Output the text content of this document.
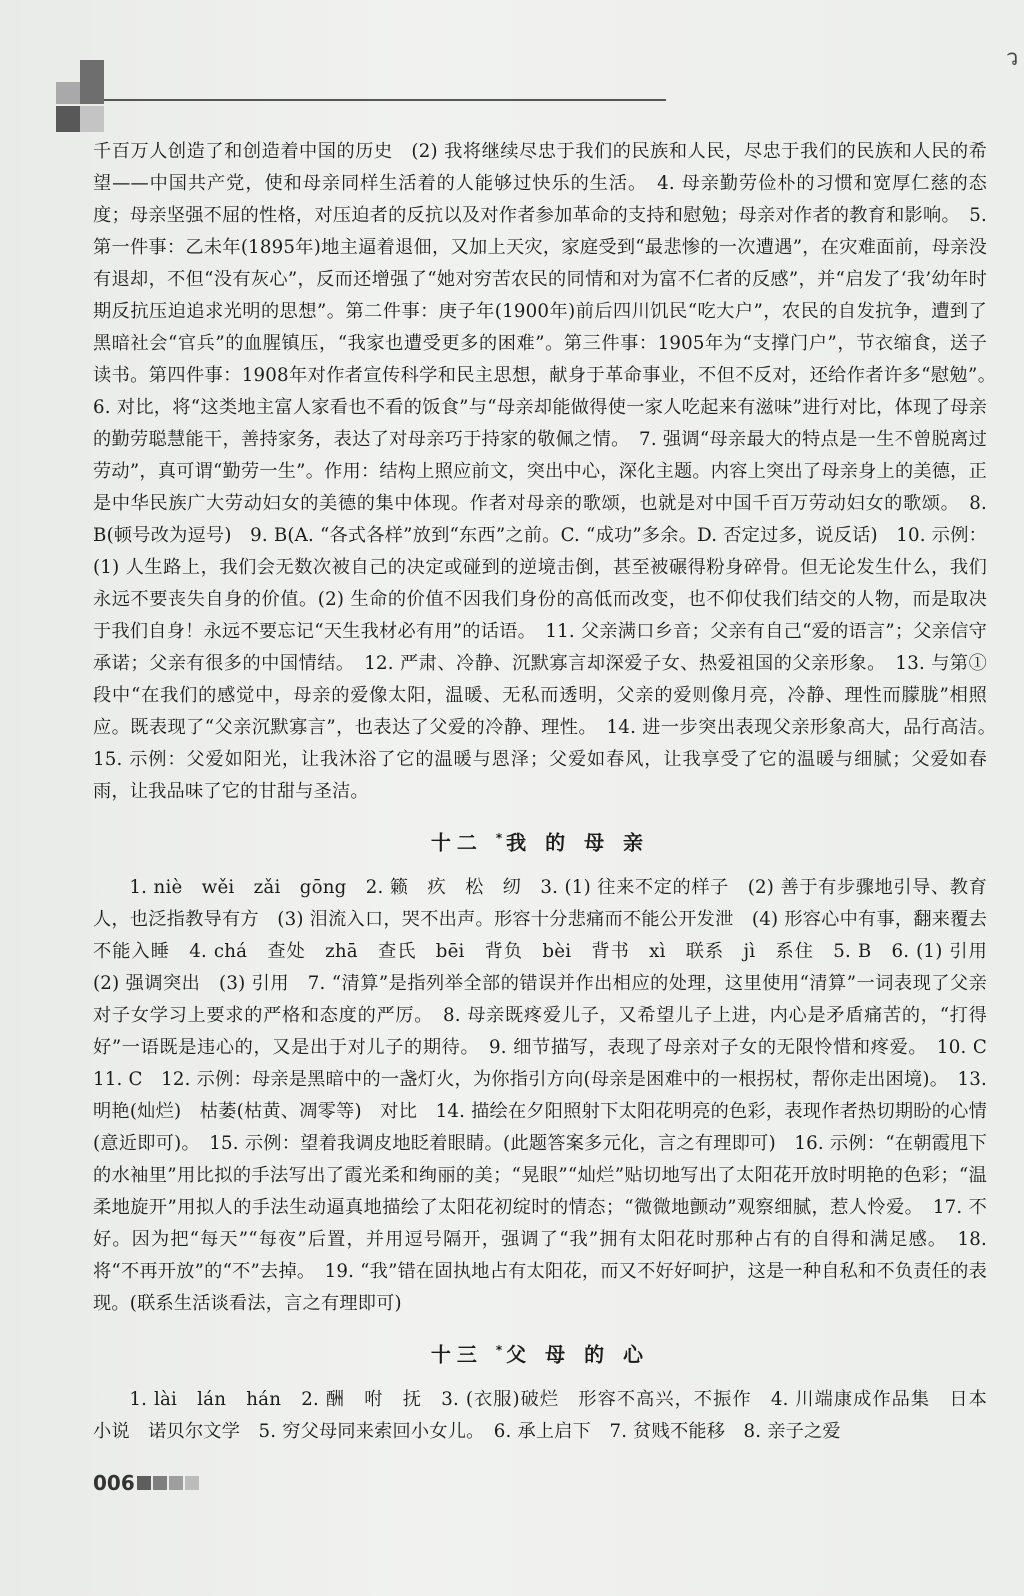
ว

千百万人创造了和创造着中国的历史　(2) 我将继续尽忠于我们的民族和人民，尽忠于我们的民族和人民的希望——中国共产党，使和母亲同样生活着的人能够过快乐的生活。　4. 母亲勤劳俭朴的习惯和宽厚仁慈的态度；母亲坚强不屈的性格，对压迫者的反抗以及对作者参加革命的支持和慰勉；母亲对作者的教育和影响。　5. 第一件事：乙未年(1895年)地主逼着退佃，又加上天灾，家庭受到“最悲惨的一次遭遇”，在灾难面前，母亲没有退却，不但“没有灰心”，反而还增强了“她对穷苦农民的同情和对为富不仁者的反感”，并“启发了‘我’幼年时期反抗压迫追求光明的思想”。第二件事：庚子年(1900年)前后四川饥民“吃大户”，农民的自发抗争，遭到了黑暗社会“官兵”的血腥镇压，“我家也遭受更多的困难”。第三件事：1905年为“支撑门户”，节衣缩食，送子读书。第四件事：1908年对作者宣传科学和民主思想，献身于革命事业，不但不反对，还给作者许多“慰勉”。　6. 对比，将“这类地主富人家看也不看的饭食”与“母亲却能做得使一家人吃起来有滋味”进行对比，体现了母亲的勤劳聪慧能干，善持家务，表达了对母亲巧于持家的敬佩之情。　7. 强调“母亲最大的特点是一生不曾脱离过劳动”，真可谓“勤劳一生”。作用：结构上照应前文，突出中心，深化主题。内容上突出了母亲身上的美德，正是中华民族广大劳动妇女的美德的集中体现。作者对母亲的歌颂，也就是对中国千百万劳动妇女的歌颂。　8. B(顿号改为逗号)　9. B(A. “各式各样”放到“东西”之前。C. “成功”多余。D. 否定过多，说反话)　10. 示例：(1) 人生路上，我们会无数次被自己的决定或碰到的逆境击倒，甚至被碾得粉身碎骨。但无论发生什么，我们永远不要丧失自身的价值。(2) 生命的价值不因我们身份的高低而改变，也不仰仗我们结交的人物，而是取决于我们自身！永远不要忘记“天生我材必有用”的话语。　11. 父亲满口乡音；父亲有自己“爱的语言”；父亲信守承诺；父亲有很多的中国情结。　12. 严肃、冷静、沉默寡言却深爱子女、热爱祖国的父亲形象。　13. 与第①段中“在我们的感觉中，母亲的爱像太阳，温暖、无私而透明，父亲的爱则像月亮，冷静、理性而朦胧”相照应。既表现了“父亲沉默寡言”，也表达了父爱的冷静、理性。　14. 进一步突出表现父亲形象高大，品行高洁。　15. 示例：父爱如阳光，让我沐浴了它的温暖与恩泽；父爱如春风，让我享受了它的温暖与细腻；父爱如春雨，让我品味了它的甘甜与圣洁。

十二 * 我 的 母 亲

1. niè　wěi　zǎi　gōng　2. 籁　疚　松　纫　3. (1) 往来不定的样子　(2) 善于有步骤地引导、教育人，也泛指教导有方　(3) 泪流入口，哭不出声。形容十分悲痛而不能公开发泄　(4) 形容心中有事，翻来覆去不能入睡　4. chá　查处　zhā　查氏　bēi　背负　bèi　背书　xì　联系　jì　系住　5. B　6. (1) 引用　(2) 强调突出　(3) 引用　7. “清算”是指列举全部的错误并作出相应的处理，这里使用“清算”一词表现了父亲对子女学习上要求的严格和态度的严厉。　8. 母亲既疼爱儿子，又希望儿子上进，内心是矛盾痛苦的，“打得好”一语既是违心的，又是出于对儿子的期待。　9. 细节描写，表现了母亲对子女的无限怜惜和疼爱。　10. C　11. C　12. 示例：母亲是黑暗中的一盏灯火，为你指引方向(母亲是困难中的一根拐杖，帮你走出困境)。　13. 明艳(灿烂)　枯萎(枯黄、凋零等)　对比　14. 描绘在夕阳照射下太阳花明亮的色彩，表现作者热切期盼的心情(意近即可)。　15. 示例：望着我调皮地眨着眼睛。(此题答案多元化，言之有理即可)　16. 示例：“在朝霞甩下的水袖里”用比拟的手法写出了霞光柔和绚丽的美；“晃眼”“灿烂”贴切地写出了太阳花开放时明艳的色彩；“温柔地旋开”用拟人的手法生动逼真地描绘了太阳花初绽时的情态；“微微地颤动”观察细腻，惹人怜爱。　17. 不好。因为把“每天”“每夜”后置，并用逗号隔开，强调了“我”拥有太阳花时那种占有的自得和满足感。　18. 将“不再开放”的“不”去掉。　19. “我”错在固执地占有太阳花，而又不好好呵护，这是一种自私和不负责任的表现。(联系生活谈看法，言之有理即可)

十三 * 父 母 的 心

1. lài　lán　hán　2. 酬　咐　抚　3. (衣服)破烂　形容不高兴，不振作　4. 川端康成作品集　日本　小说　诺贝尔文学　5. 穷父母同来索回小女儿。　6. 承上启下　7. 贫贱不能移　8. 亲子之爱

006
